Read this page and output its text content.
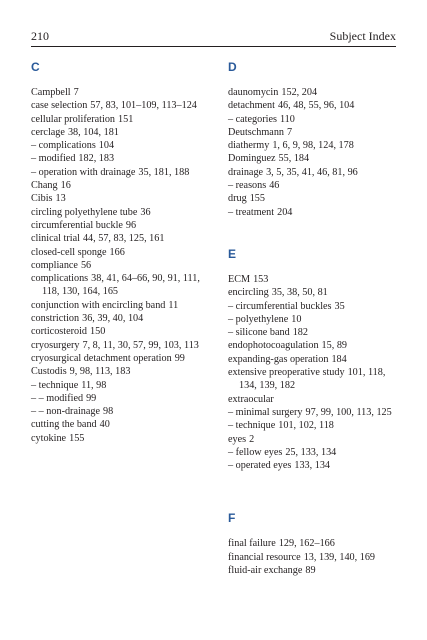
210	Subject Index
C

Campbell 7

case selection 57, 83, 101–109, 113–124

cellular proliferation 151

cerclage 38, 104, 181

– complications 104

– modified 182, 183

– operation with drainage 35, 181, 188

Chang 16

Cibis 13

circling polyethylene tube 36

circumferential buckle 96

clinical trial 44, 57, 83, 125, 161

closed-cell sponge 166

compliance 56

complications 38, 41, 64–66, 90, 91, 111, 118, 130, 164, 165

conjunction with encircling band 11

constriction 36, 39, 40, 104

corticosteroid 150

cryosurgery 7, 8, 11, 30, 57, 99, 103, 113

cryosurgical detachment operation 99

Custodis 9, 98, 113, 183

– technique 11, 98

– – modified 99

– – non-drainage 98

cutting the band 40

cytokine 155

D

daunomycin 152, 204

detachment 46, 48, 55, 96, 104

– categories 110

Deutschmann 7

diathermy 1, 6, 9, 98, 124, 178

Dominguez 55, 184

drainage 3, 5, 35, 41, 46, 81, 96

– reasons 46

drug 155

– treatment 204

E

ECM 153

encircling 35, 38, 50, 81

– circumferential buckles 35

– polyethylene 10

– silicone band 182

endophotocoagulation 15, 89

expanding-gas operation 184

extensive preoperative study 101, 118, 134, 139, 182

extraocular

– minimal surgery 97, 99, 100, 113, 125

– technique 101, 102, 118

eyes 2

– fellow eyes 25, 133, 134

– operated eyes 133, 134

F

final failure 129, 162–166

financial resource 13, 139, 140, 169

fluid-air exchange 89
